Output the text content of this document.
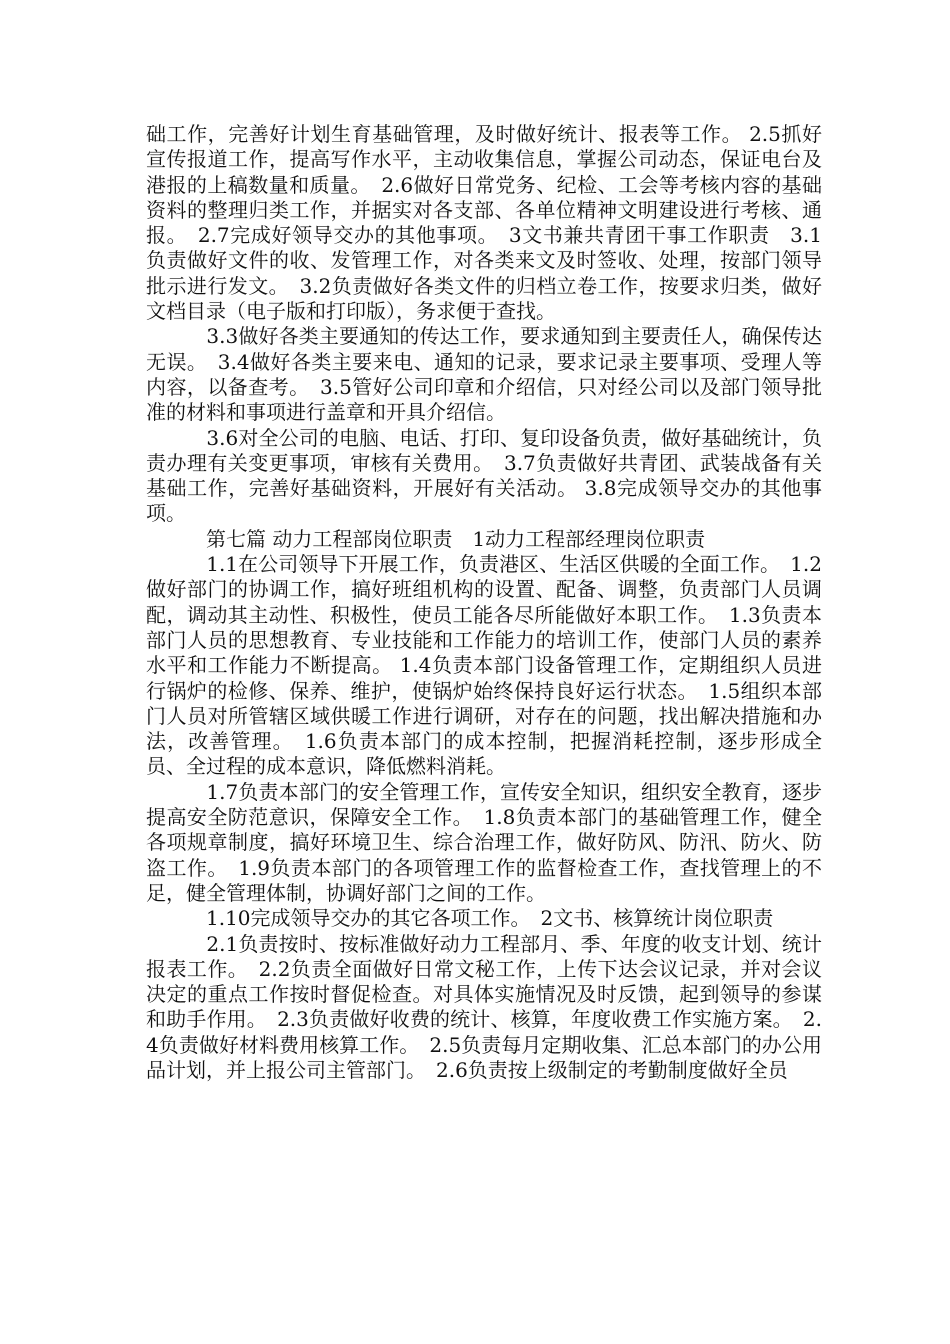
础工作，完善好计划生育基础管理，及时做好统计、报表等工作。 2.5抓好宣传报道工作，提高写作水平，主动收集信息，掌握公司动态，保证电台及港报的上稿数量和质量。　2.6做好日常党务、纪检、工会等考核内容的基础资料的整理归类工作，并据实对各支部、各单位精神文明建设进行考核、通报。　2.7完成好领导交办的其他事项。　3文书兼共青团干事工作职责　3.1负责做好文件的收、发管理工作，对各类来文及时签收、处理，按部门领导批示进行发文。　3.2负责做好各类文件的归档立卷工作，按要求归类，做好文档目录（电子版和打印版），务求便于查找。

　　　3.3做好各类主要通知的传达工作，要求通知到主要责任人，确保传达无误。　3.4做好各类主要来电、通知的记录，要求记录主要事项、受理人等内容，以备查考。　3.5管好公司印章和介绍信，只对经公司以及部门领导批准的材料和事项进行盖章和开具介绍信。

　　　3.6对全公司的电脑、电话、打印、复印设备负责，做好基础统计，负责办理有关变更事项，审核有关费用。　3.7负责做好共青团、武装战备有关基础工作，完善好基础资料，开展好有关活动。 3.8完成领导交办的其他事项。

　　　第七篇 动力工程部岗位职责　1动力工程部经理岗位职责

　　　1.1在公司领导下开展工作，负责港区、生活区供暖的全面工作。　1.2做好部门的协调工作，搞好班组机构的设置、配备、调整，负责部门人员调配，调动其主动性、积极性，使员工能各尽所能做好本职工作。　1.3负责本部门人员的思想教育、专业技能和工作能力的培训工作，使部门人员的素养水平和工作能力不断提高。 1.4负责本部门设备管理工作，定期组织人员进行锅炉的检修、保养、维护，使锅炉始终保持良好运行状态。　1.5组织本部门人员对所管辖区域供暖工作进行调研，对存在的问题，找出解决措施和办法，改善管理。　1.6负责本部门的成本控制，把握消耗控制，逐步形成全员、全过程的成本意识，降低燃料消耗。

　　　1.7负责本部门的安全管理工作，宣传安全知识，组织安全教育，逐步提高安全防范意识，保障安全工作。　1.8负责本部门的基础管理工作，健全各项规章制度，搞好环境卫生、综合治理工作，做好防风、防汛、防火、防盗工作。　1.9负责本部门的各项管理工作的监督检查工作，查找管理上的不足，健全管理体制，协调好部门之间的工作。

　　　1.10完成领导交办的其它各项工作。　2文书、核算统计岗位职责

　　　2.1负责按时、按标准做好动力工程部月、季、年度的收支计划、统计报表工作。　2.2负责全面做好日常文秘工作，上传下达会议记录，并对会议决定的重点工作按时督促检查。对具体实施情况及时反馈，起到领导的参谋和助手作用。　2.3负责做好收费的统计、核算，年度收费工作实施方案。　2.4负责做好材料费用核算工作。　2.5负责每月定期收集、汇总本部门的办公用品计划，并上报公司主管部门。　2.6负责按上级制定的考勤制度做好全员
